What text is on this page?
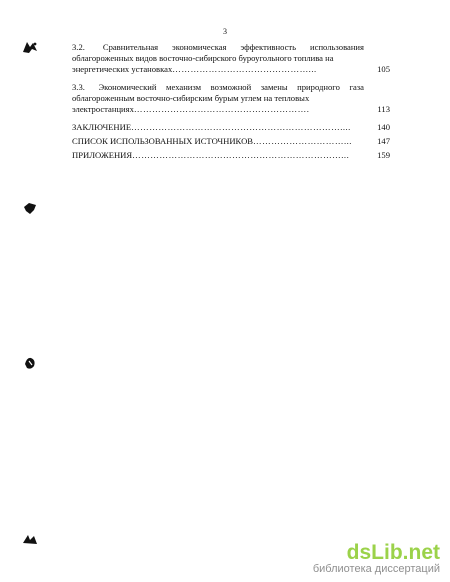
3
3.2. Сравнительная экономическая эффективность использования облагороженных видов восточно-сибирского буроугольного топлива на
энергетических установках ………………………………………...	105
3.3. Экономический механизм возможной замены природного газа облагороженным восточно-сибирским бурым углем на тепловых
электростанциях ………………………………………………….	113
ЗАКЛЮЧЕНИЕ ……………………………………………………………....	140
СПИСОК ИСПОЛЬЗОВАННЫХ ИСТОЧНИКОВ …………………………...	147
ПРИЛОЖЕНИЯ ……………………………………………………………...	159
dsLib.net
библиотека диссертаций
